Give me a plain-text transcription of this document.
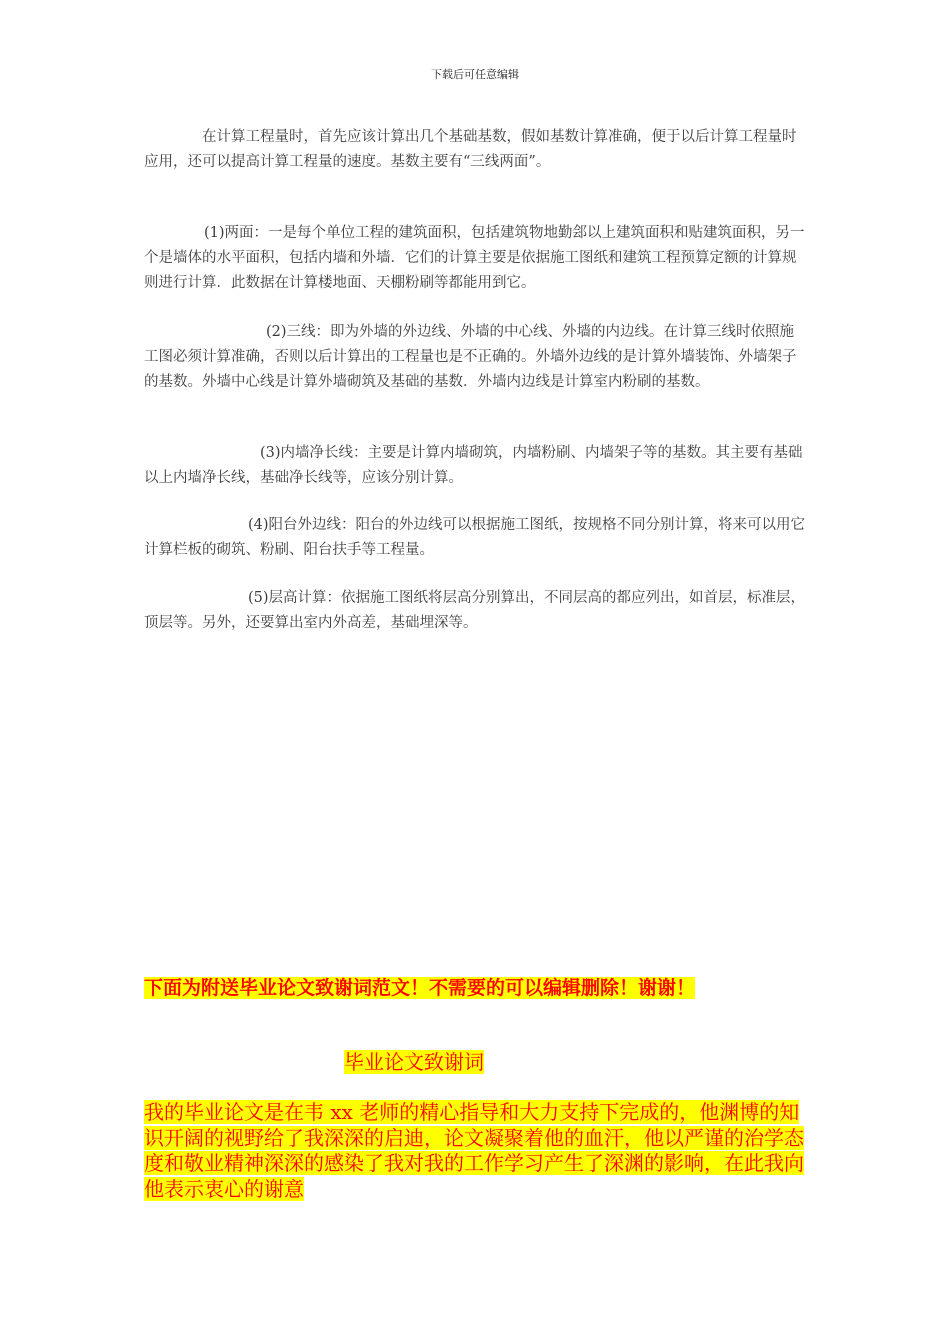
下载后可任意编辑

在计算工程量时，首先应该计算出几个基础基数，假如基数计算准确，便于以后计算工程量时应用，还可以提高计算工程量的速度。基数主要有“三线两面”。

(1)两面：一是每个单位工程的建筑面积，包括建筑物地勤郐以上建筑面积和贴建筑面积，另一个是墙体的水平面积，包括内墙和外墙．它们的计算主要是依据施工图纸和建筑工程预算定额的计算规则进行计算．此数据在计算楼地面、天棚粉刷等都能用到它。

(2)三线：即为外墙的外边线、外墙的中心线、外墙的内边线。在计算三线时依照施工图必须计算准确，否则以后计算出的工程量也是不正确的。外墙外边线的是计算外墙装饰、外墙架子的基数。外墙中心线是计算外墙砌筑及基础的基数．外墙内边线是计算室内粉刷的基数。

(3)内墙净长线：主要是计算内墙砌筑，内墙粉刷、内墙架子等的基数。其主要有基础以上内墙净长线，基础净长线等，应该分别计算。

(4)阳台外边线：阳台的外边线可以根据施工图纸，按规格不同分别计算，将来可以用它计算栏板的砌筑、粉刷、阳台扶手等工程量。

(5)层高计算：依据施工图纸将层高分别算出，不同层高的都应列出，如首层，标准层，顶层等。另外，还要算出室内外高差，基础埋深等。

下面为附送毕业论文致谢词范文！不需要的可以编辑删除！谢谢！

毕业论文致谢词

我的毕业论文是在韦 xx 老师的精心指导和大力支持下完成的，他渊博的知识开阔的视野给了我深深的启迪，论文凝聚着他的血汗，他以严谨的治学态度和敬业精神深深的感染了我对我的工作学习产生了深渊的影响，在此我向他表示衷心的谢意
